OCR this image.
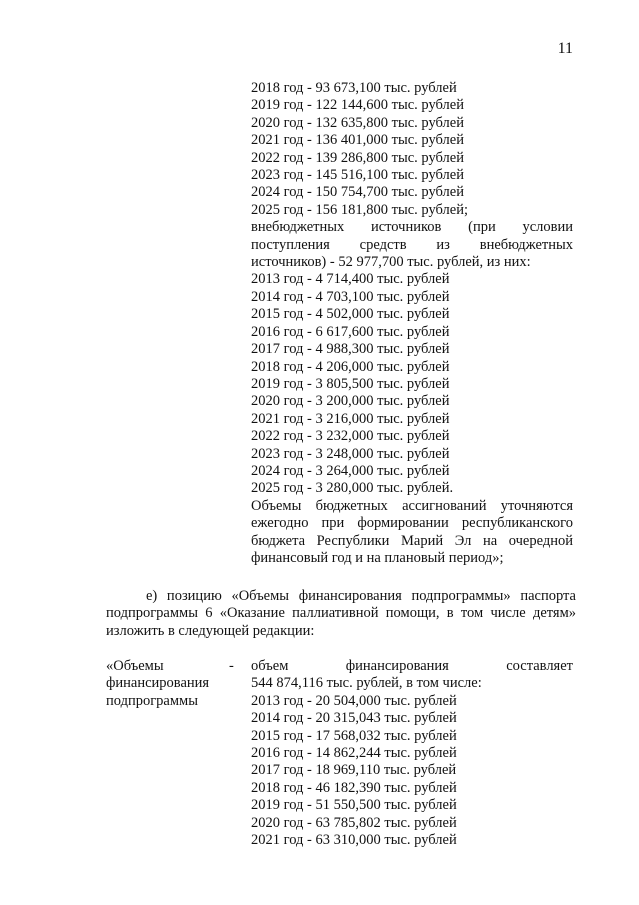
11
2018 год - 93 673,100 тыс. рублей
2019 год - 122 144,600 тыс. рублей
2020 год - 132 635,800 тыс. рублей
2021 год - 136 401,000 тыс. рублей
2022 год - 139 286,800 тыс. рублей
2023 год - 145 516,100 тыс. рублей
2024 год - 150 754,700 тыс. рублей
2025 год - 156 181,800 тыс. рублей;
внебюджетных источников (при условии
поступления средств из внебюджетных
источников) - 52 977,700 тыс. рублей, из них:
2013 год - 4 714,400 тыс. рублей
2014 год - 4 703,100 тыс. рублей
2015 год - 4 502,000 тыс. рублей
2016 год - 6 617,600 тыс. рублей
2017 год - 4 988,300 тыс. рублей
2018 год - 4 206,000 тыс. рублей
2019 год - 3 805,500 тыс. рублей
2020 год - 3 200,000 тыс. рублей
2021 год - 3 216,000 тыс. рублей
2022 год - 3 232,000 тыс. рублей
2023 год - 3 248,000 тыс. рублей
2024 год - 3 264,000 тыс. рублей
2025 год - 3 280,000 тыс. рублей.
Объемы бюджетных ассигнований уточняются ежегодно при формировании республиканского бюджета Республики Марий Эл на очередной финансовый год и на плановый период»;

е) позицию «Объемы финансирования подпрограммы» паспорта подпрограммы 6 «Оказание паллиативной помощи, в том числе детям» изложить в следующей редакции:

«Объемы
финансирования
подпрограммы
- объем	финансирования	составляет
544 874,116 тыс. рублей, в том числе:
2013 год - 20 504,000 тыс. рублей
2014 год - 20 315,043 тыс. рублей
2015 год - 17 568,032 тыс. рублей
2016 год - 14 862,244 тыс. рублей
2017 год - 18 969,110 тыс. рублей
2018 год - 46 182,390 тыс. рублей
2019 год - 51 550,500 тыс. рублей
2020 год - 63 785,802 тыс. рублей
2021 год - 63 310,000 тыс. рублей
